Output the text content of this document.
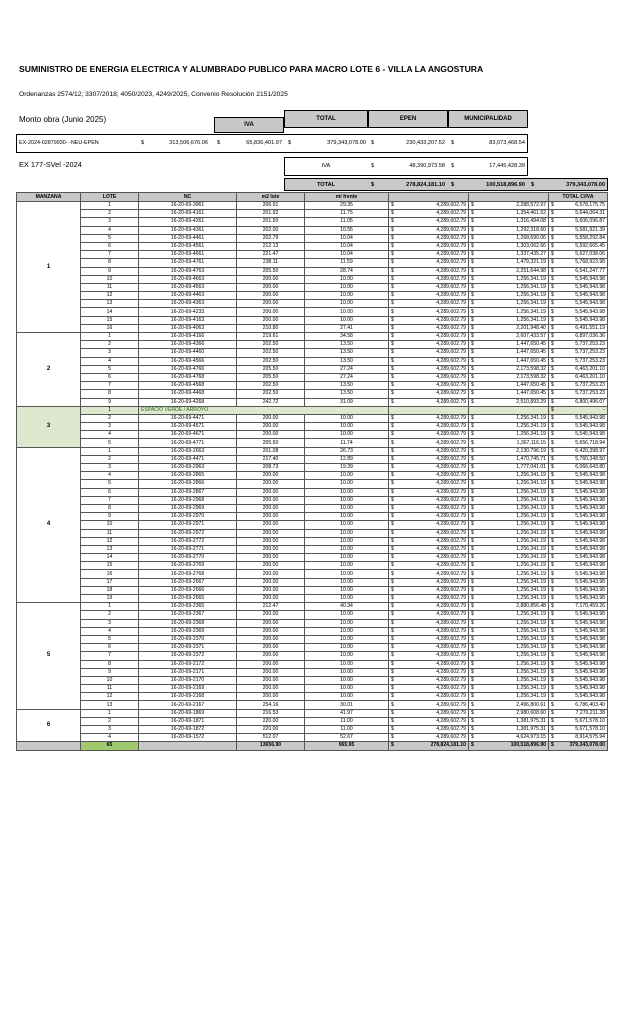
SUMINISTRO DE ENERGIA ELECTRICA Y ALUMBRADO PUBLICO PARA MACRO LOTE 6 - VILLA LA ANGOSTURA
Ordenanzas 2574/12; 3307/2018; 4050/2023, 4249/2025, Convenio Resolución 2151/2025
Monto obra (Junio 2025)
IVA
TOTAL	EPEN	MUNICIPALIDAD
EX-2024-02879930- -NEU-EPEN	$	313,506,676.06 $	65,836,401.97 $	379,343,078.00 $	230,433,207.52 $	83,073,468.54
EX 177-SVel -2024	IVA	$	48,390,973.58 $	17,445,428.39
TOTAL	$	278,824,181.10 $	100,518,896.90 $	379,343,078.00
MANZANA	LOTE	NC	m2 lote	ml frente			TOTAL C/IVA	
1	1	16-20-69-3961	206.91	29.35	$ 4,289,602.79	$ 2,288,572.97	$ 6,578,175.75	
	2	16-20-69-4161	201.92	11.75	$ 4,289,602.79	$ 1,354,461.52	$ 5,644,064.31	
	3	16-20-69-4261	201.50	11.05	$ 4,289,602.79	$ 1,316,494.08	$ 5,606,096.87	
	4	16-20-69-4361	202.00	10.55	$ 4,289,602.79	$ 1,292,318.60	$ 5,581,921.39	
	5	16-20-69-4461	202.79	10.04	$ 4,289,602.79	$ 1,268,690.06	$ 5,558,292.84	
	6	16-20-69-4561	212.13	10.04	$ 4,289,602.79	$ 1,303,062.66	$ 5,592,665.45	
	7	16-20-69-4661	221.47	10.04	$ 4,289,602.79	$ 1,337,435.27	$ 5,627,038.06	
	8	16-20-69-4761	238.11	11.59	$ 4,289,602.79	$ 1,479,321.19	$ 5,768,923.98	
	9	16-20-69-4763	205.50	28.74	$ 4,289,602.79	$ 2,251,644.98	$ 6,541,247.77	
	10	16-20-69-4663	200.00	10.00	$ 4,289,602.79	$ 1,256,341.19	$ 5,545,943.98	
	11	16-20-69-4563	200.00	10.00	$ 4,289,602.79	$ 1,256,341.19	$ 5,545,943.98	
	12	16-20-69-4463	200.00	10.00	$ 4,289,602.79	$ 1,256,341.19	$ 5,545,943.98	
	13	16-20-69-4363	200.00	10.00	$ 4,289,602.79	$ 1,256,341.19	$ 5,545,943.98	
	14	16-20-69-4233	200.00	10.00	$ 4,289,602.79	$ 1,256,341.19	$ 5,545,943.98	
	15	16-20-69-4163	200.00	10.00	$ 4,289,602.79	$ 1,256,341.19	$ 5,545,943.98	
	16	16-20-69-4063	210.80	27.41	$ 4,289,602.79	$ 2,201,948.40	$ 6,491,551.19	
2	1	16-20-69-4166	219.61	34.58	$ 4,289,602.79	$ 2,607,433.57	$ 6,897,036.36	
	2	16-20-69-4366	202.50	13.50	$ 4,289,602.79	$ 1,447,650.45	$ 5,737,253.23	
	3	16-20-69-4460	202.50	13.50	$ 4,289,602.79	$ 1,447,650.45	$ 5,737,253.23	
	4	16-20-69-4566	202.50	13.50	$ 4,289,602.79	$ 1,447,650.45	$ 5,737,253.23	
	5	16-20-69-4766	205.50	27.24	$ 4,289,602.79	$ 2,173,598.32	$ 6,463,201.10	
	6	16-20-69-4768	205.50	27.24	$ 4,289,602.79	$ 2,173,598.32	$ 6,463,201.10	
	7	16-20-69-4568	202.50	13.50	$ 4,289,602.79	$ 1,447,650.45	$ 5,737,253.23	
	8	16-20-69-4468	202.50	13.50	$ 4,289,602.79	$ 1,447,650.45	$ 5,737,253.23	
	9	16-20-69-4268	242.72	31.09	$ 4,289,602.79	$ 2,510,893.29	$ 6,800,496.07	
3	1	ESPACIO VERDE / ARROYO					$ -	
	2	16-20-69-4471	200.00	10.00	$ 4,289,602.79	$ 1,256,341.19	$ 5,545,943.98	
	3	16-20-69-4571	200.00	10.00	$ 4,289,602.79	$ 1,256,341.19	$ 5,545,943.98	
	4	16-20-69-4671	200.00	10.00	$ 4,289,602.79	$ 1,256,341.19	$ 5,545,943.98	
	5	16-20-69-4771	205.50	11.74	$ 4,289,602.79	$ 1,367,116.15	$ 5,656,718.94	
4	1	16-20-69-2663	201.08	26.73	$ 4,289,602.79	$ 2,130,796.19	$ 6,420,398.97	
	2	16-20-69-4471	217.40	12.89	$ 4,289,602.79	$ 1,470,745.71	$ 5,760,348.50	
	3	16-20-69-2963	208.73	19.39	$ 4,289,602.79	$ 1,777,041.01	$ 6,066,643.80	
	4	16-20-69-2865	200.00	10.00	$ 4,289,602.79	$ 1,256,341.19	$ 5,545,943.98	
	5	16-20-69-2866	200.00	10.00	$ 4,289,602.79	$ 1,256,341.19	$ 5,545,943.98	
	6	16-20-69-2867	200.00	10.00	$ 4,289,602.79	$ 1,256,341.19	$ 5,545,943.98	
	7	16-20-69-2968	200.00	10.00	$ 4,289,602.79	$ 1,256,341.19	$ 5,545,943.98	
	8	16-20-69-2969	200.00	10.00	$ 4,289,602.79	$ 1,256,341.19	$ 5,545,943.98	
	9	16-20-69-2970	200.00	10.00	$ 4,289,602.79	$ 1,256,341.19	$ 5,545,943.98	
	10	16-20-69-2971	200.00	10.00	$ 4,289,602.79	$ 1,256,341.19	$ 5,545,943.98	
	11	16-20-69-2972	200.00	10.00	$ 4,289,602.79	$ 1,256,341.19	$ 5,545,943.98	
	12	16-20-69-2772	200.00	10.00	$ 4,289,602.79	$ 1,256,341.19	$ 5,545,943.98	
	13	16-20-69-2771	200.00	10.00	$ 4,289,602.79	$ 1,256,341.19	$ 5,545,943.98	
	14	16-20-69-2770	200.00	10.00	$ 4,289,602.79	$ 1,256,341.19	$ 5,545,943.98	
	15	16-20-69-2769	200.00	10.00	$ 4,289,602.79	$ 1,256,341.19	$ 5,545,943.98	
	16	16-20-69-2768	200.00	10.00	$ 4,289,602.79	$ 1,256,341.19	$ 5,545,943.98	
	17	16-20-69-2667	200.00	10.00	$ 4,289,602.79	$ 1,256,341.19	$ 5,545,943.98	
	18	16-20-69-2666	200.00	10.00	$ 4,289,602.79	$ 1,256,341.19	$ 5,545,943.98	
	19	16-20-69-2665	200.00	10.00	$ 4,289,602.79	$ 1,256,341.19	$ 5,545,943.98	
5	1	16-20-69-2365	212.47	40.34	$ 4,289,602.79	$ 2,880,856.48	$ 7,170,459.26	
	2	16-20-69-2367	200.00	10.00	$ 4,289,602.79	$ 1,256,341.19	$ 5,545,943.98	
	3	16-20-69-2368	200.00	10.00	$ 4,289,602.79	$ 1,256,341.19	$ 5,545,943.98	
	4	16-20-69-2369	200.00	10.00	$ 4,289,602.79	$ 1,256,341.19	$ 5,545,943.98	
	5	16-20-69-2370	200.00	10.00	$ 4,289,602.79	$ 1,256,341.19	$ 5,545,943.98	
	6	16-20-69-2371	200.00	10.00	$ 4,289,602.79	$ 1,256,341.19	$ 5,545,943.98	
	7	16-20-69-2372	200.00	10.00	$ 4,289,602.79	$ 1,256,341.19	$ 5,545,943.98	
	8	16-20-69-2172	200.00	10.00	$ 4,289,602.79	$ 1,256,341.19	$ 5,545,943.98	
	9	16-20-69-2171	200.00	10.00	$ 4,289,602.79	$ 1,256,341.19	$ 5,545,943.98	
	10	16-20-69-2170	200.00	10.00	$ 4,289,602.79	$ 1,256,341.19	$ 5,545,943.98	
	11	16-20-69-2169	200.00	10.00	$ 4,289,602.79	$ 1,256,341.19	$ 5,545,943.98	
	12	16-20-69-2168	200.00	10.00	$ 4,289,602.79	$ 1,256,341.19	$ 5,545,943.98	
	13	16-20-69-2167	254.16	30.01	$ 4,289,602.79	$ 2,496,800.61	$ 6,786,403.40	
6	1	16-20-69-1869	216.53	41.97	$ 4,289,602.79	$ 2,980,608.60	$ 7,270,211.38	
	2	16-20-69-1871	220.00	11.00	$ 4,289,602.79	$ 1,381,975.31	$ 5,671,578.10	
	3	16-20-69-1872	220.00	11.00	$ 4,289,602.79	$ 1,381,975.31	$ 5,671,578.10	
	4	16-20-69-1572	512.07	52.67	$ 4,289,602.79	$ 4,624,973.15	$ 8,914,575.94	
	65		13656.90	965.95	$ 278,824,181.10	$ 100,518,896.90	$ 379,343,078.00	
